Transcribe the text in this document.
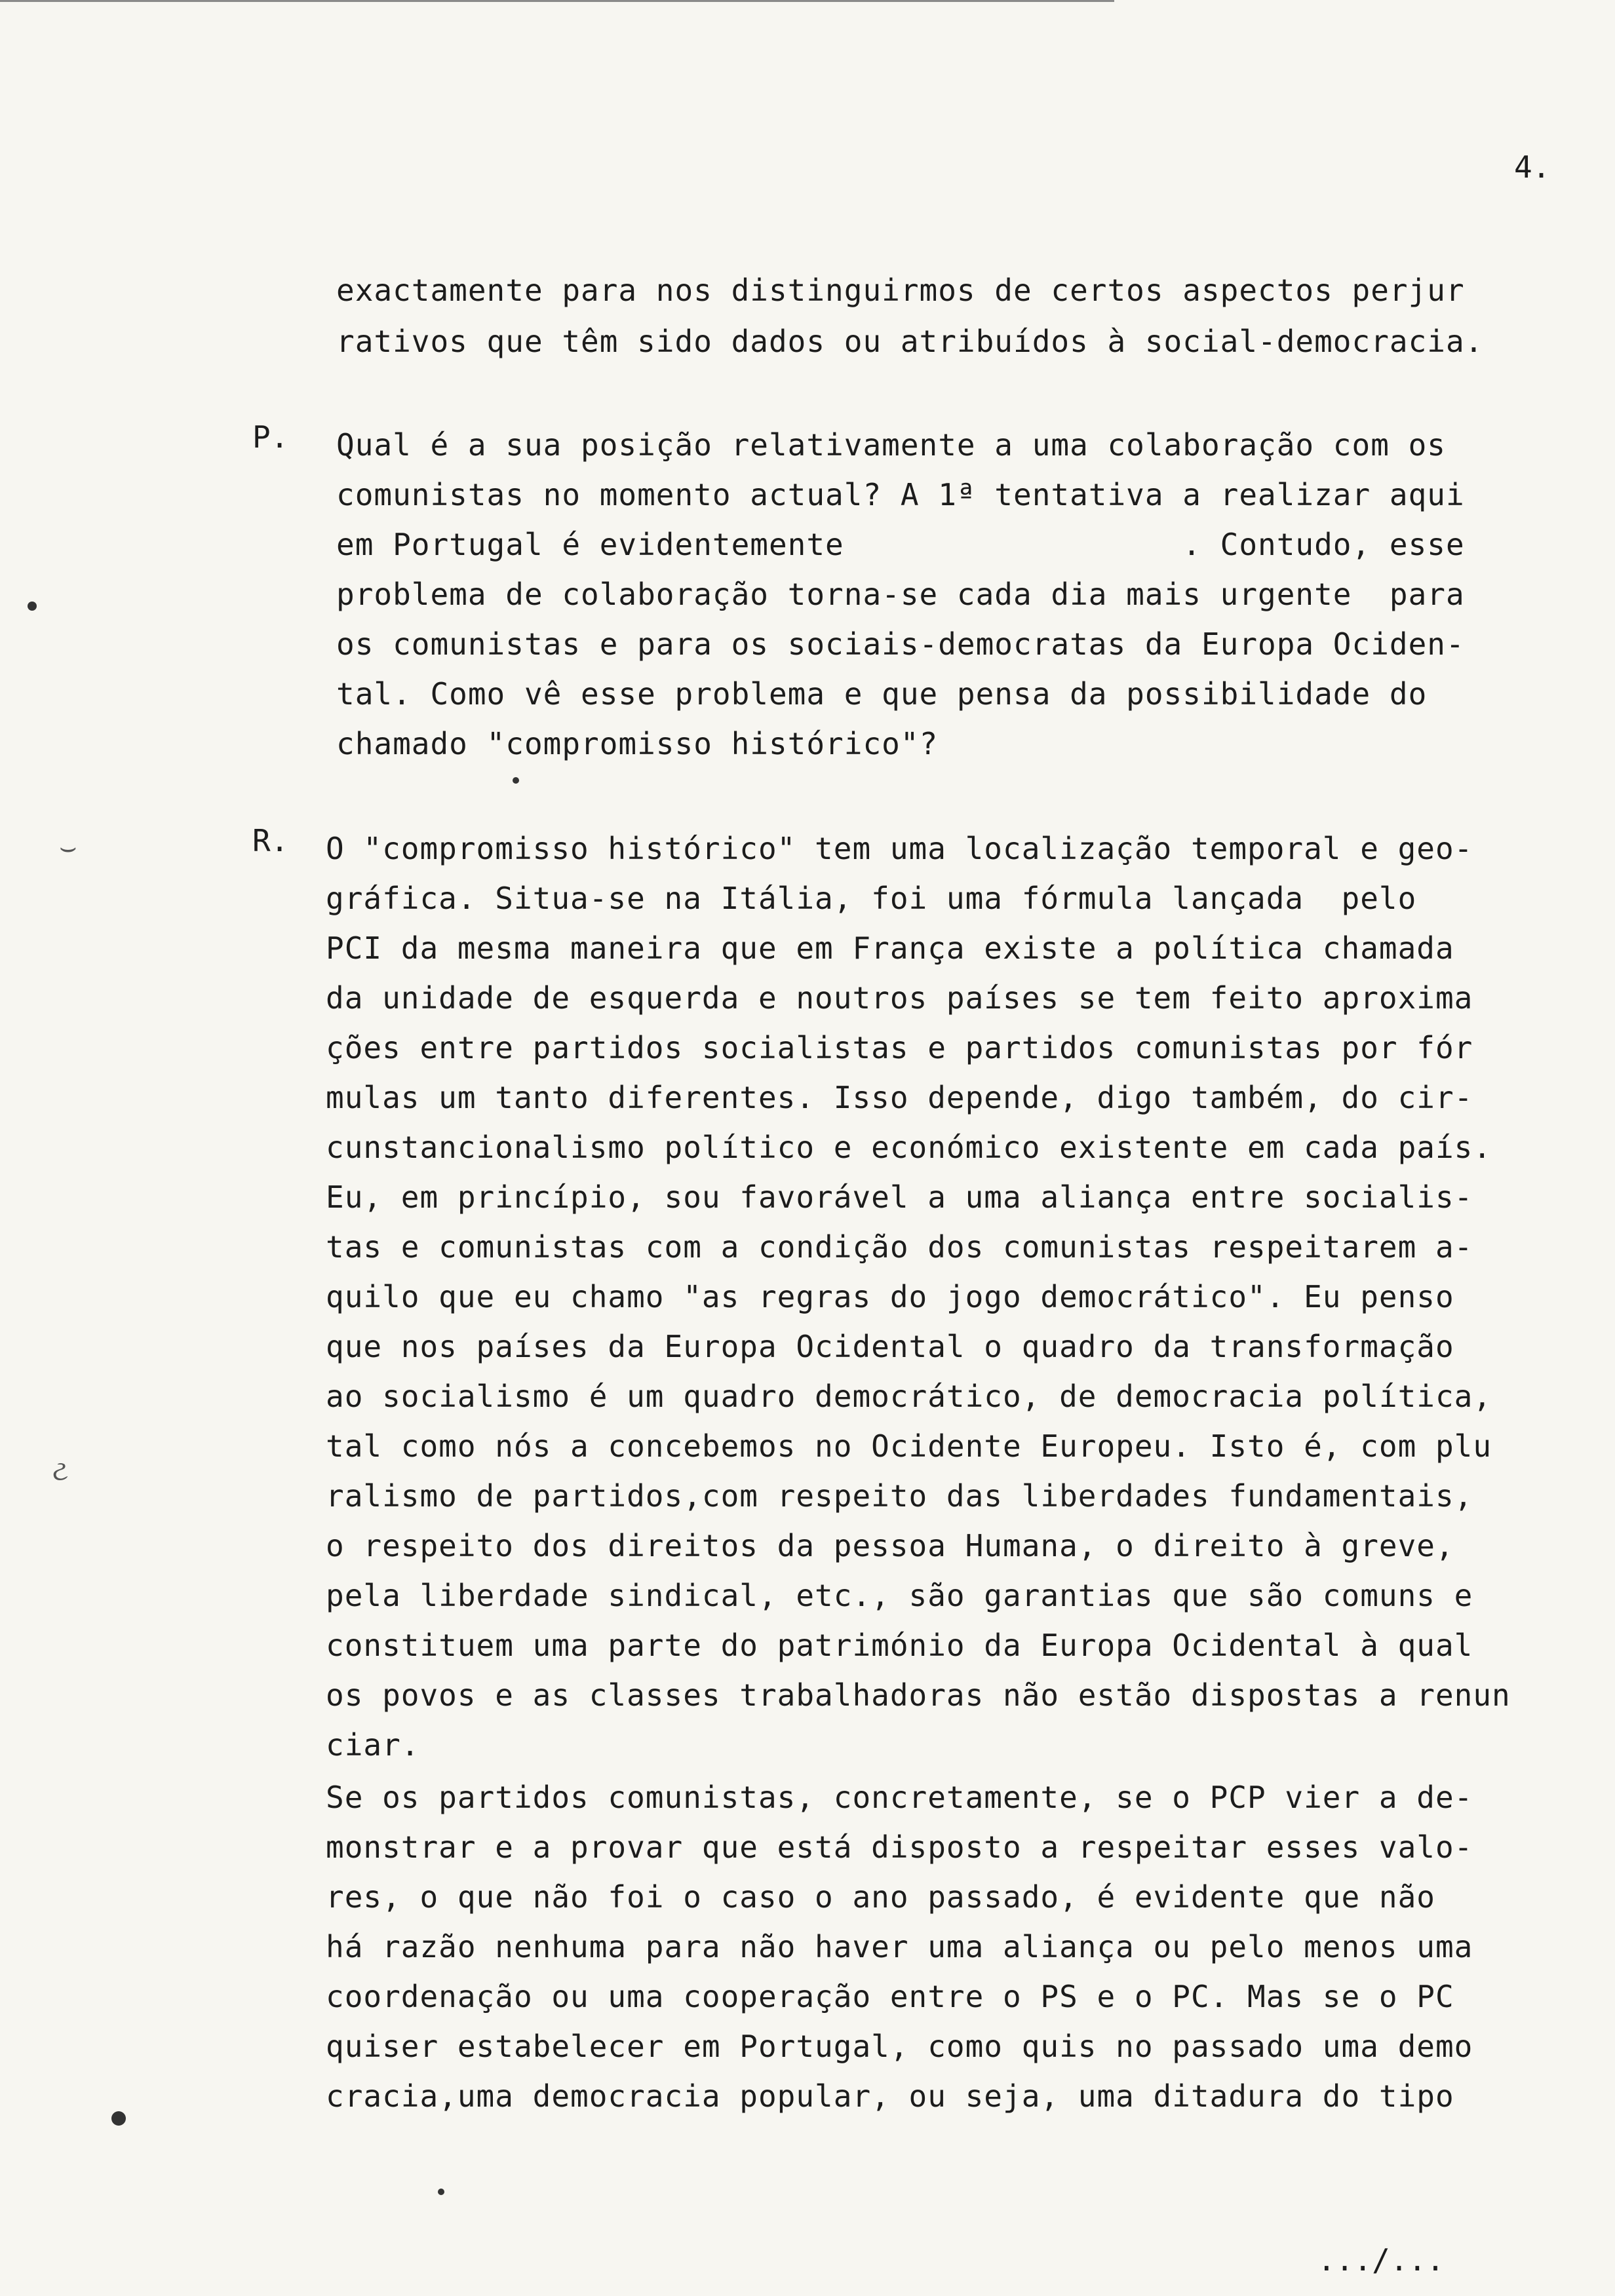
4.
exactamente para nos distinguirmos de certos aspectos perjur
rativos que têm sido dados ou atribuídos à social-democracia.
P. Qual é a sua posição relativamente a uma colaboração com os
comunistas no momento actual? A 1ª tentativa a realizar aqui
em Portugal é evidentemente                  . Contudo, esse
problema de colaboração torna-se cada dia mais urgente  para
os comunistas e para os sociais-democratas da Europa Ociden-
tal. Como vê esse problema e que pensa da possibilidade do
chamado "compromisso histórico"?
R. O "compromisso histórico" tem uma localização temporal e geo-
gráfica. Situa-se na Itália, foi uma fórmula lançada  pelo
PCI da mesma maneira que em França existe a política chamada
da unidade de esquerda e noutros países se tem feito aproxima
ções entre partidos socialistas e partidos comunistas por fór
mulas um tanto diferentes. Isso depende, digo também, do cir-
cunstancionalismo político e económico existente em cada país.
Eu, em princípio, sou favorável a uma aliança entre socialis-
tas e comunistas com a condição dos comunistas respeitarem a-
quilo que eu chamo "as regras do jogo democrático". Eu penso
que nos países da Europa Ocidental o quadro da transformação
ao socialismo é um quadro democrático, de democracia política,
tal como nós a concebemos no Ocidente Europeu. Isto é, com plu
ralismo de partidos,com respeito das liberdades fundamentais,
o respeito dos direitos da pessoa Humana, o direito à greve,
pela liberdade sindical, etc., são garantias que são comuns e
constituem uma parte do património da Europa Ocidental à qual
os povos e as classes trabalhadoras não estão dispostas a renun
ciar.
Se os partidos comunistas, concretamente, se o PCP vier a de-
monstrar e a provar que está disposto a respeitar esses valo-
res, o que não foi o caso o ano passado, é evidente que não
há razão nenhuma para não haver uma aliança ou pelo menos uma
coordenação ou uma cooperação entre o PS e o PC. Mas se o PC
quiser estabelecer em Portugal, como quis no passado uma demo
cracia,uma democracia popular, ou seja, uma ditadura do tipo
.../...
⌣
ટ
